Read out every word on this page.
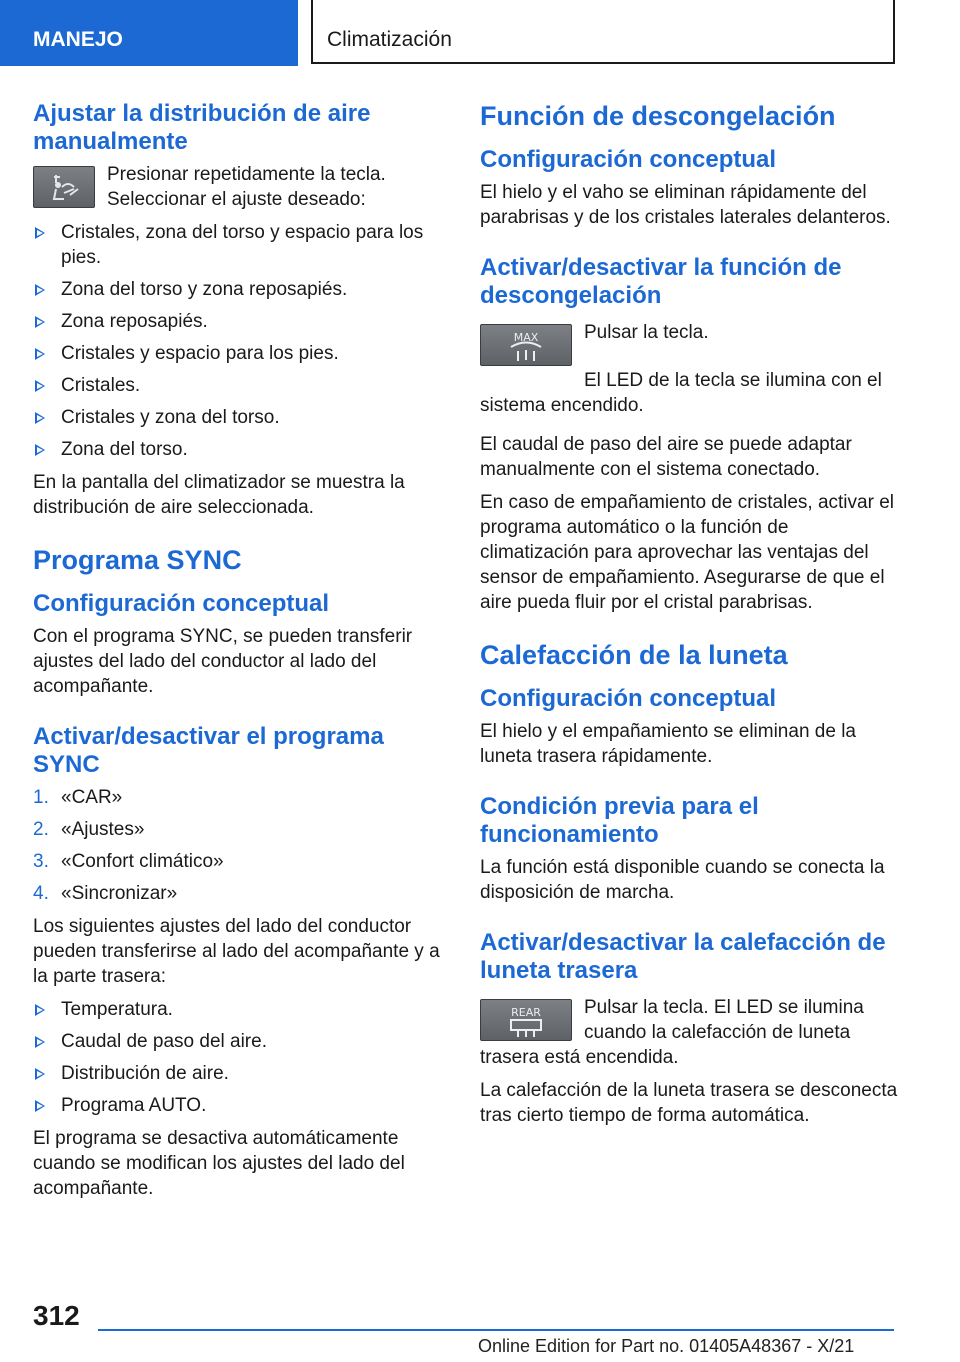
MANEJO	Climatización
Ajustar la distribución de aire manualmente
Presionar repetidamente la tecla. Seleccionar el ajuste deseado:
Cristales, zona del torso y espacio para los pies.
Zona del torso y zona reposapiés.
Zona reposapiés.
Cristales y espacio para los pies.
Cristales.
Cristales y zona del torso.
Zona del torso.
En la pantalla del climatizador se muestra la distribución de aire seleccionada.
Programa SYNC
Configuración conceptual
Con el programa SYNC, se pueden transferir ajustes del lado del conductor al lado del acompañante.
Activar/desactivar el programa SYNC
1. «CAR»
2. «Ajustes»
3. «Confort climático»
4. «Sincronizar»
Los siguientes ajustes del lado del conductor pueden transferirse al lado del acompañante y a la parte trasera:
Temperatura.
Caudal de paso del aire.
Distribución de aire.
Programa AUTO.
El programa se desactiva automáticamente cuando se modifican los ajustes del lado del acompañante.
Función de descongelación
Configuración conceptual
El hielo y el vaho se eliminan rápidamente del parabrisas y de los cristales laterales delanteros.
Activar/desactivar la función de descongelación
MAX Pulsar la tecla.
El LED de la tecla se ilumina con el sistema encendido.
El caudal de paso del aire se puede adaptar manualmente con el sistema conectado.
En caso de empañamiento de cristales, activar el programa automático o la función de climatización para aprovechar las ventajas del sensor de empañamiento. Asegurarse de que el aire pueda fluir por el cristal parabrisas.
Calefacción de la luneta
Configuración conceptual
El hielo y el empañamiento se eliminan de la luneta trasera rápidamente.
Condición previa para el funcionamiento
La función está disponible cuando se conecta la disposición de marcha.
Activar/desactivar la calefacción de luneta trasera
REAR	Pulsar la tecla. El LED se ilumina cuando la calefacción de luneta trasera está encendida.
La calefacción de la luneta trasera se desconecta tras cierto tiempo de forma automática.
312
Online Edition for Part no. 01405A48367 - X/21
